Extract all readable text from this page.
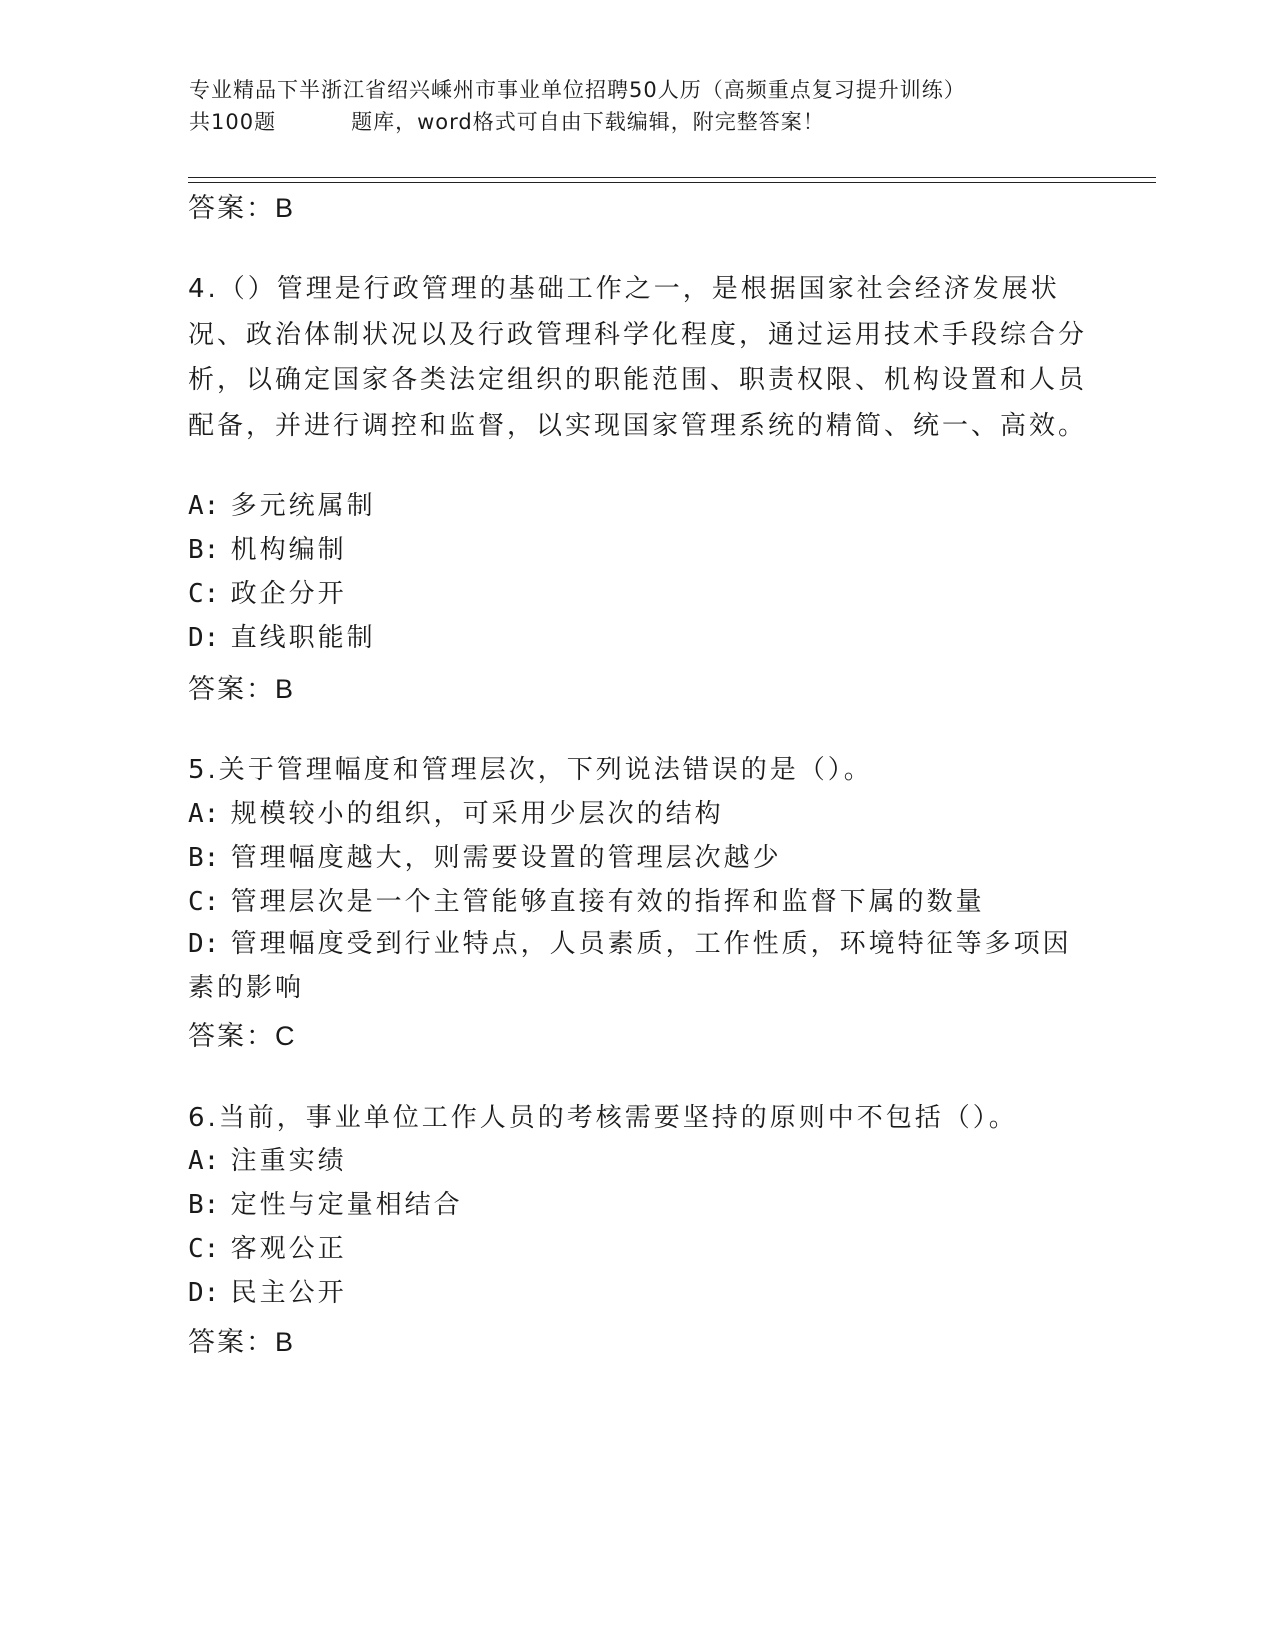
专业精品下半浙江省绍兴嵊州市事业单位招聘50人历（高频重点复习提升训练）
共100题	题库，word格式可自由下载编辑，附完整答案！
答案：B
4.（）管理是行政管理的基础工作之一，是根据国家社会经济发展状况、政治体制状况以及行政管理科学化程度，通过运用技术手段综合分析，以确定国家各类法定组织的职能范围、职责权限、机构设置和人员配备，并进行调控和监督，以实现国家管理系统的精简、统一、高效。
A: 多元统属制
B: 机构编制
C: 政企分开
D: 直线职能制
答案：B
5.关于管理幅度和管理层次，下列说法错误的是（）。
A: 规模较小的组织，可采用少层次的结构
B: 管理幅度越大，则需要设置的管理层次越少
C: 管理层次是一个主管能够直接有效的指挥和监督下属的数量
D: 管理幅度受到行业特点，人员素质，工作性质，环境特征等多项因素的影响
答案：C
6.当前，事业单位工作人员的考核需要坚持的原则中不包括（）。
A: 注重实绩
B: 定性与定量相结合
C: 客观公正
D: 民主公开
答案：B
